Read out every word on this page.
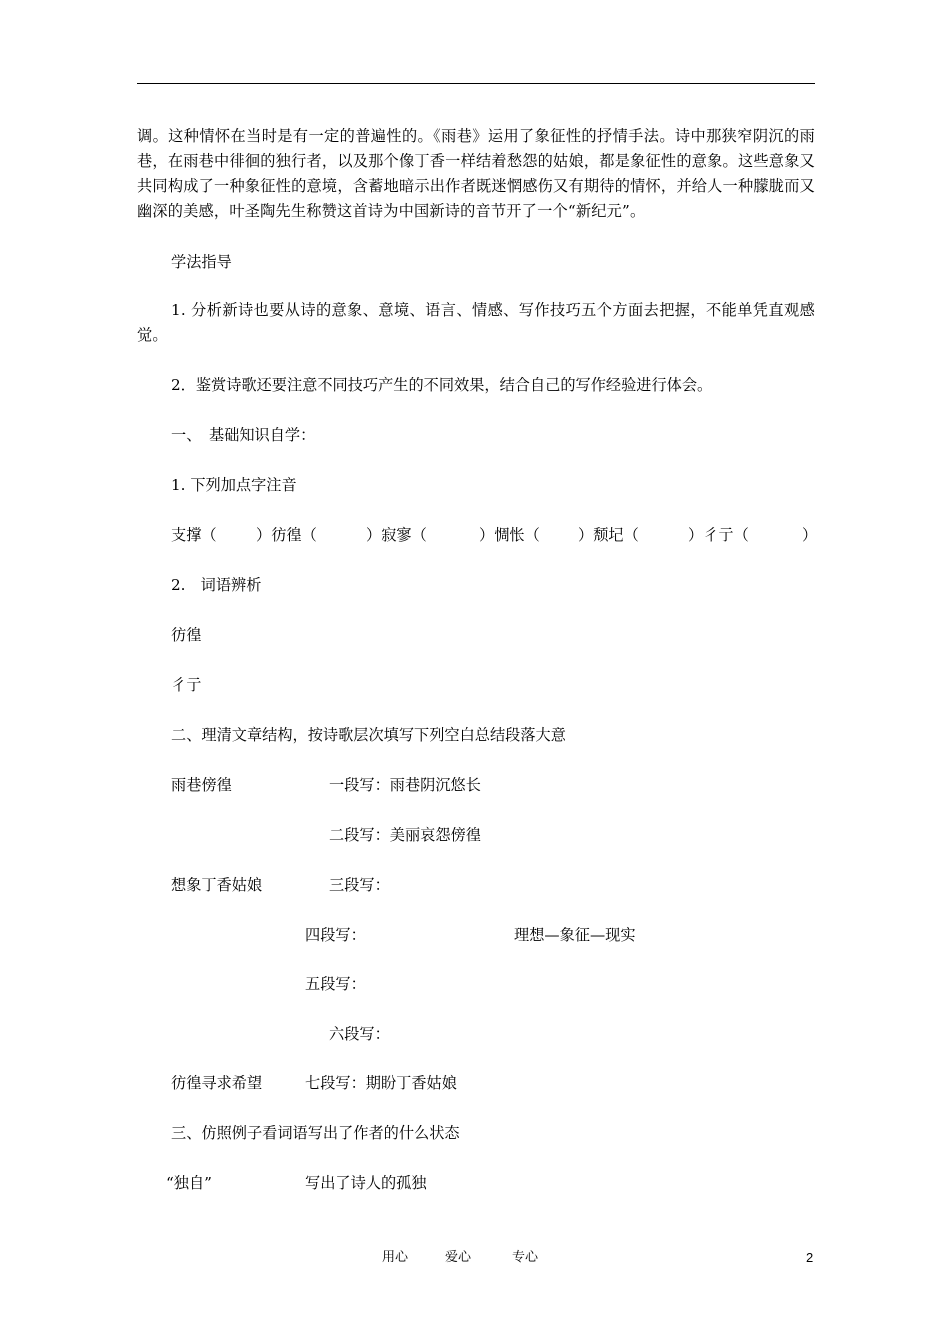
调。这种情怀在当时是有一定的普遍性的。《雨巷》运用了象征性的抒情手法。诗中那狭窄阴沉的雨巷，在雨巷中徘徊的独行者，以及那个像丁香一样结着愁怨的姑娘，都是象征性的意象。这些意象又共同构成了一种象征性的意境，含蓄地暗示出作者既迷惘感伤又有期待的情怀，并给人一种朦胧而又幽深的美感，叶圣陶先生称赞这首诗为中国新诗的音节开了一个“新纪元”。
学法指导
1. 分析新诗也要从诗的意象、意境、语言、情感、写作技巧五个方面去把握，不能单凭直观感觉。
2．鉴赏诗歌还要注意不同技巧产生的不同效果，结合自己的写作经验进行体会。
一、　基础知识自学：
1. 下列加点字注音
支撑（	）彷徨（	）寂寥（	）惆怅（	）颓圮（	）彳亍（	）
2.　词语辨析
彷徨
彳亍
二、理清文章结构，按诗歌层次填写下列空白总结段落大意
雨巷傍徨	一段写：雨巷阴沉悠长
二段写：美丽哀怨傍徨
想象丁香姑娘	三段写：
四段写：	理想—象征—现实
五段写：
六段写：
彷徨寻求希望	七段写：期盼丁香姑娘
三、仿照例子看词语写出了作者的什么状态
“独自”	写出了诗人的孤独
用心	爱心	专心	2
